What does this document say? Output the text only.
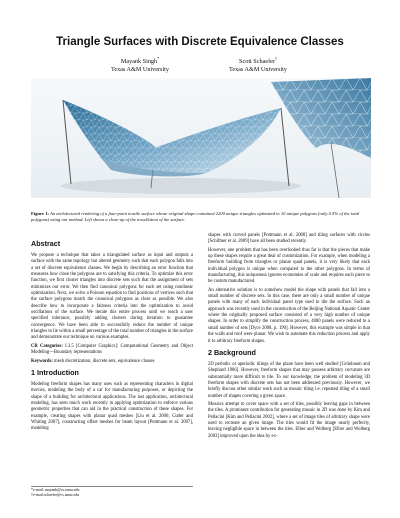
Triangle Surfaces with Discrete Equivalence Classes
Mayank Singh*
Texas A&M University
Scott Schaefer†
Texas A&M University
Figure 1: An architectural rendering of a four-point tensile surface whose original shape contained 2200 unique triangles optimized to 10 unique polygons (only 0.5% of the total polygons) using our method. Left shows a close-up of the tessellation of the surface.
Abstract

We propose a technique that takes a triangulated surface as input and outputs a surface with the same topology but altered geometry such that each polygon falls into a set of discrete equivalence classes. We begin by describing an error function that measures how close the polygons are to satisfying this criteria. To optimize this error function, we first cluster triangles into discrete sets such that the assignment of sets minimizes our error. We then find canonical polygons for each set using nonlinear optimization. Next, we solve a Poisson equation to find positions of vertices such that the surface polygons match the canonical polygons as close as possible. We also describe how to incorporate a fairness criteria into the optimization to avoid oscillations of the surface. We iterate this entire process until we reach a user specified tolerance, possibly adding clusters during iteration to guarantee convergence. We have been able to successfully reduce the number of unique triangles to lie within a small percentage of the total number of triangles in the surface and demonstrate our technique on various examples.

CR Categories: I.3.5 [Computer Graphics]: Computational Geometry and Object Modeling—Boundary representations

Keywords: mesh discretization, discrete sets, equivalence classes

1 Introduction

Modeling freeform shapes has many uses such as representing characters in digital movies, modeling the body of a car for manufacturing purposes, or depicting the shape of a building for architectural applications. The last application, architectural modeling, has seen much work recently in applying optimization to enforce various geometric properties that can aid in the practical construction of these shapes. For example, creating shapes with planar quad meshes [Liu et al. 2006; Cutler and Whiting 2007], constructing offset meshes for beam layout [Pottmann et al. 2007], modeling

*e-mail: mayank@cs.tamu.edu
†e-mail:schaefer@cs.tamu.edu

shapes with curved panels [Pottmann et al. 2008] and tiling surfaces with circles [Schiftner et al. 2009] have all been studied recently.

However, one problem that has been overlooked thus far is that the pieces that make up these shapes require a great deal of customization. For example, when modeling a freeform building from triangles or planar quad panels, it is very likely that each individual polygon is unique when compared to the other polygons. In terms of manufacturing, this uniqueness ignores economies of scale and requires each piece to be custom manufactured.

An alternative solution is to somehow model the shape with panels that fall into a small number of discrete sets. In this case, there are only a small number of unique panels with many of each individual panel type used to tile the surface. Such an approach was recently used in the construction of the Beijing National Aquatic Center where the originally proposed surface consisted of a very high number of unique shapes. In order to simplify the construction process, 4000 panels were reduced to a small number of sets [Dyce 2008, p. 190]. However, this example was simple in that the walls and roof were planar. We wish to automate this reduction process and apply it to arbitrary freeform shapes.

2 Background

2D periodic or aperiodic tilings of the plane have been well studied [Grünbaum and Shephard 1986]. However, freeform shapes that may possess arbitrary curvature are substantially more difficult to tile. To our knowledge, the problem of modeling 3D freeform shapes with discrete sets has not been addressed previously. However, we briefly discuss other similar work such as mosaic tiling i.e. repeated tiling of a small number of shapes covering a given space.

Mosaics attempt to cover space with a set of tiles, possibly leaving gaps in between the tiles. A prominent contribution for generating mosaic in 2D was done by Kim and Pellacini [Kim and Pellacini 2002], where a set of image tiles of arbitrary shape were used to recreate an given image. The tiles would fit the image nearly perfectly, leaving negligible space in between the tiles. Elber and Wolberg [Elber and Wolberg 2003] improved upon the idea by ex-
